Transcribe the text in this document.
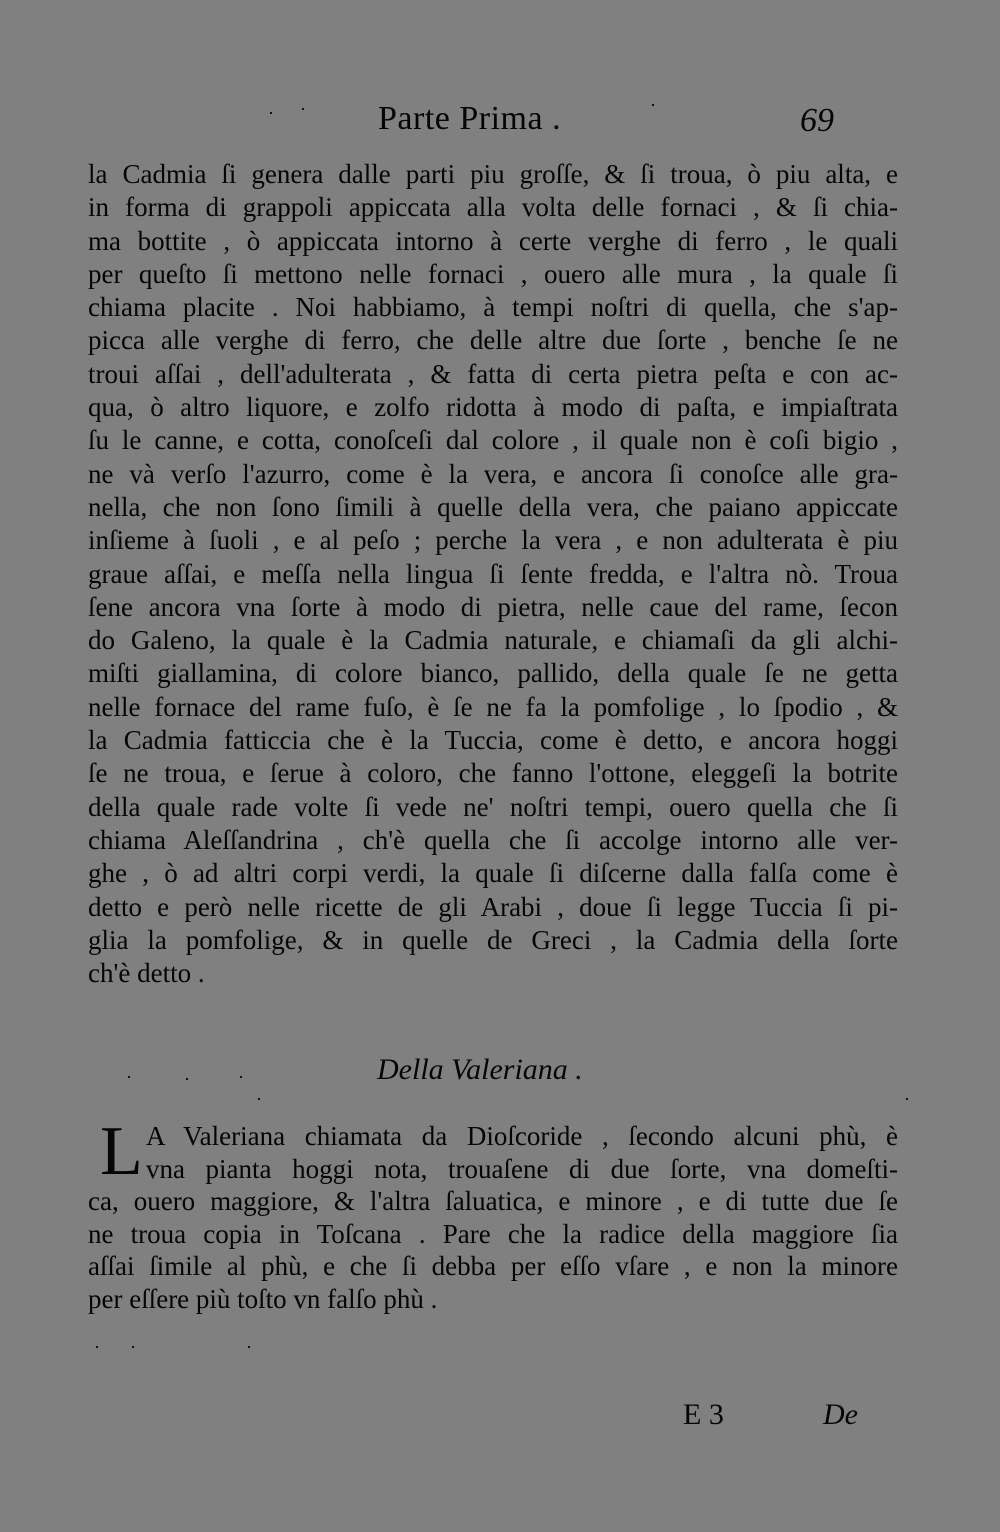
Parte Prima .	69
la Cadmia ſi genera dalle parti piu groſſe, & ſi troua, ò piu alta, e
in forma di grappoli appiccata alla volta delle fornaci , & ſi chia-
ma bottite , ò appiccata intorno à certe verghe di ferro , le quali
per queſto ſi mettono nelle fornaci , ouero alle mura , la quale ſi
chiama placite . Noi habbiamo, à tempi noſtri di quella, che s'ap-
picca alle verghe di ferro, che delle altre due ſorte , benche ſe ne
troui aſſai , dell'adulterata , & fatta di certa pietra peſta e con ac-
qua, ò altro liquore, e zolfo ridotta à modo di paſta, e impiaſtrata
ſu le canne, e cotta, conoſceſi dal colore , il quale non è coſi bigio ,
ne và verſo l'azurro, come è la vera, e ancora ſi conoſce alle gra-
nella, che non ſono ſimili à quelle della vera, che paiano appiccate
inſieme à ſuoli , e al peſo ; perche la vera , e non adulterata è piu
graue aſſai, e meſſa nella lingua ſi ſente fredda, e l'altra nò. Troua
ſene ancora vna ſorte à modo di pietra, nelle caue del rame, ſecon
do Galeno, la quale è la Cadmia naturale, e chiamaſi da gli alchi-
miſti giallamina, di colore bianco, pallido, della quale ſe ne getta
nelle fornace del rame fuſo, è ſe ne fa la pomfolige , lo ſpodio , &
la Cadmia fatticcia che è la Tuccia, come è detto, e ancora hoggi
ſe ne troua, e ſerue à coloro, che fanno l'ottone, eleggeſi la botrite
della quale rade volte ſi vede ne' noſtri tempi, ouero quella che ſi
chiama Aleſſandrina , ch'è quella che ſi accolge intorno alle ver-
ghe , ò ad altri corpi verdi, la quale ſi diſcerne dalla falſa come è
detto e però nelle ricette de gli Arabi , doue ſi legge Tuccia ſi pi-
glia la pomfolige, & in quelle de Greci , la Cadmia della ſorte
ch'è detto .
Della Valeriana .
L A Valeriana chiamata da Dioſcoride , ſecondo alcuni phù, è
vna pianta hoggi nota, trouaſene di due ſorte, vna domeſti-
ca, ouero maggiore, & l'altra ſaluatica, e minore , e di tutte due ſe
ne troua copia in Toſcana . Pare che la radice della maggiore ſia
aſſai ſimile al phù, e che ſi debba per eſſo vſare , e non la minore
per eſſere più toſto vn falſo phù .
E 3	De
